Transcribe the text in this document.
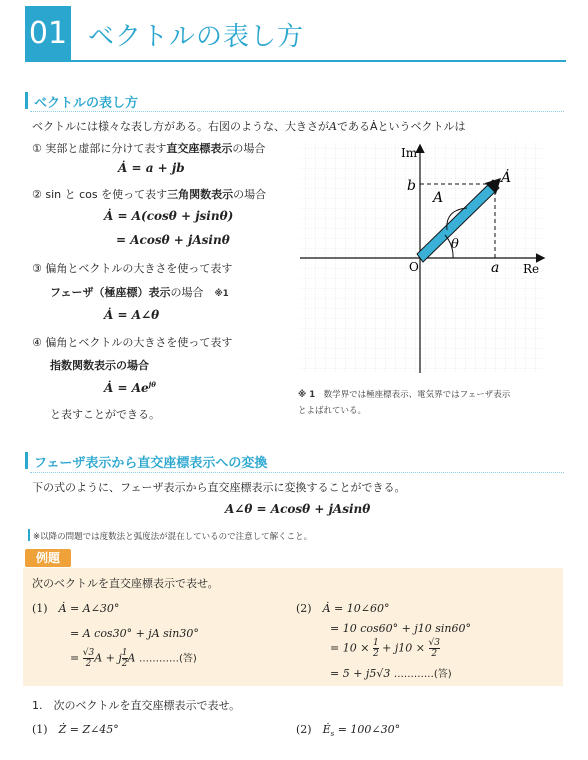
01 ベクトルの表し方
ベクトルの表し方
ベクトルには様々な表し方がある。右図のような、大きさがAであるȦというベクトルは
① 実部と虚部に分けて表す直交座標表示の場合
Ȧ = a + jb
② sin と cos を使って表す三角関数表示の場合
Ȧ = A(cosθ + jsinθ)
= Acosθ + jAsinθ
③ 偏角とベクトルの大きさを使って表す
フェーザ（極座標）表示の場合　 ※1
Ȧ = A∠θ
④ 偏角とベクトルの大きさを使って表す
指数関数表示の場合
Ȧ = $Ae^{j\theta}$
と表すことができる。
Im
Re
O	a
b
A
Ȧ
θ
※ 1　 数学界では極座標表示、電気界ではフェーザ表示
とよばれている。
フェーザ表示から直交座標表示への変換
下の式のように、フェーザ表示から直交座標表示に変換することができる。
A∠θ = Acosθ + jAsinθ
※以降の問題では度数法と弧度法が混在しているので注意して解くこと。
例題
次のベクトルを直交座標表示で表せ。
(1)　 Ȧ = A∠30°
= A cos30° + jA sin30°
= $\frac{√3}{2}$ A + j $\frac{1}{2}$ A …………(答)
(2)　 Ȧ = 10∠60°
= 10 cos60° + j10 sin60°
= $10 \times \frac{1}{2} + j10 \times \frac{√3}{2}$
= 5 + j5√3 …………(答)
1.　次のベクトルを直交座標表示で表せ。
(1)　 Ż = Z∠45°	(2)　 $Ė_s$ = 100∠30°
